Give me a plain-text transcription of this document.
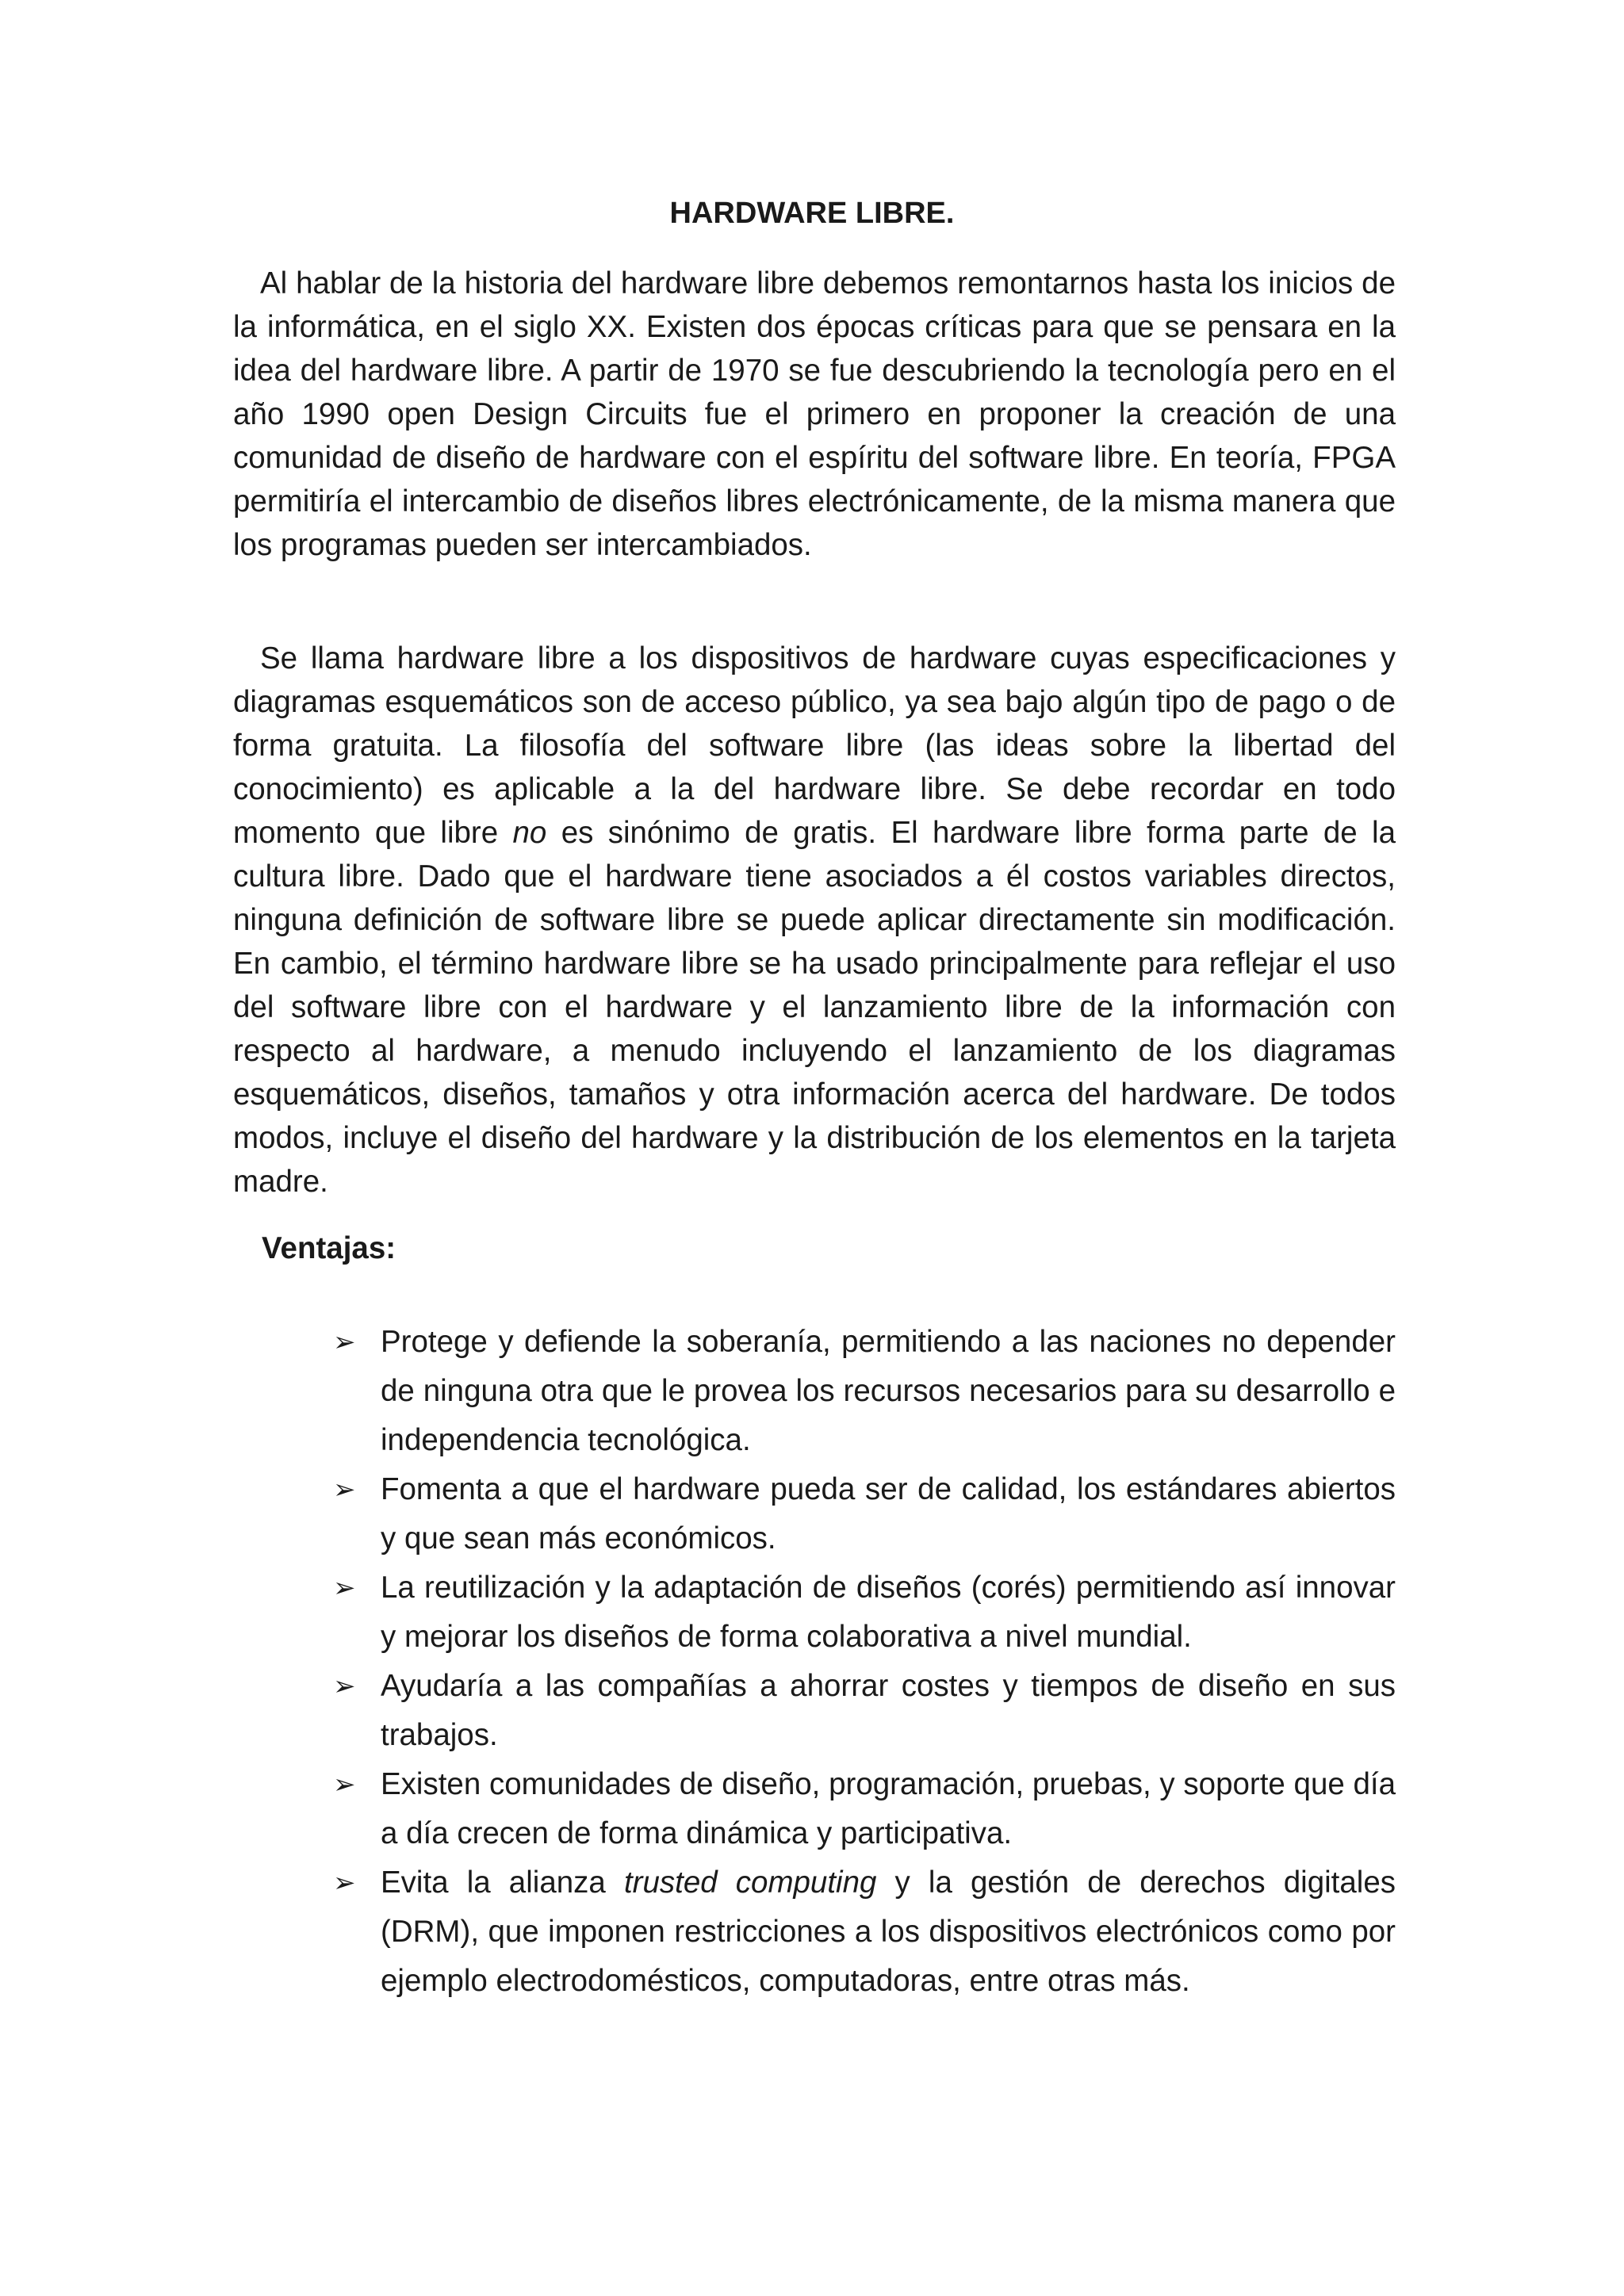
HARDWARE LIBRE.

Al hablar de la historia del hardware libre debemos remontarnos hasta los inicios de la informática, en el siglo XX. Existen dos épocas críticas para que se pensara en la idea del hardware libre. A partir de 1970 se fue descubriendo la tecnología pero en el año 1990 open Design Circuits fue el primero en proponer la creación de una comunidad de diseño de hardware con el espíritu del software libre. En teoría, FPGA permitiría el intercambio de diseños libres electrónicamente, de la misma manera que los programas pueden ser intercambiados.

Se llama hardware libre a los dispositivos de hardware cuyas especificaciones y diagramas esquemáticos son de acceso público, ya sea bajo algún tipo de pago o de forma gratuita. La filosofía del software libre (las ideas sobre la libertad del conocimiento) es aplicable a la del hardware libre. Se debe recordar en todo momento que libre no es sinónimo de gratis. El hardware libre forma parte de la cultura libre. Dado que el hardware tiene asociados a él costos variables directos, ninguna definición de software libre se puede aplicar directamente sin modificación. En cambio, el término hardware libre se ha usado principalmente para reflejar el uso del software libre con el hardware y el lanzamiento libre de la información con respecto al hardware, a menudo incluyendo el lanzamiento de los diagramas esquemáticos, diseños, tamaños y otra información acerca del hardware. De todos modos, incluye el diseño del hardware y la distribución de los elementos en la tarjeta madre.

Ventajas:
➢ Protege y defiende la soberanía, permitiendo a las naciones no depender de ninguna otra que le provea los recursos necesarios para su desarrollo e independencia tecnológica.
➢ Fomenta a que el hardware pueda ser de calidad, los estándares abiertos y que sean más económicos.
➢ La reutilización y la adaptación de diseños (corés) permitiendo así innovar y mejorar los diseños de forma colaborativa a nivel mundial.
➢ Ayudaría a las compañías a ahorrar costes y tiempos de diseño en sus trabajos.
➢ Existen comunidades de diseño, programación, pruebas, y soporte que día a día crecen de forma dinámica y participativa.
➢ Evita la alianza trusted computing y la gestión de derechos digitales (DRM), que imponen restricciones a los dispositivos electrónicos como por ejemplo electrodomésticos, computadoras, entre otras más.
